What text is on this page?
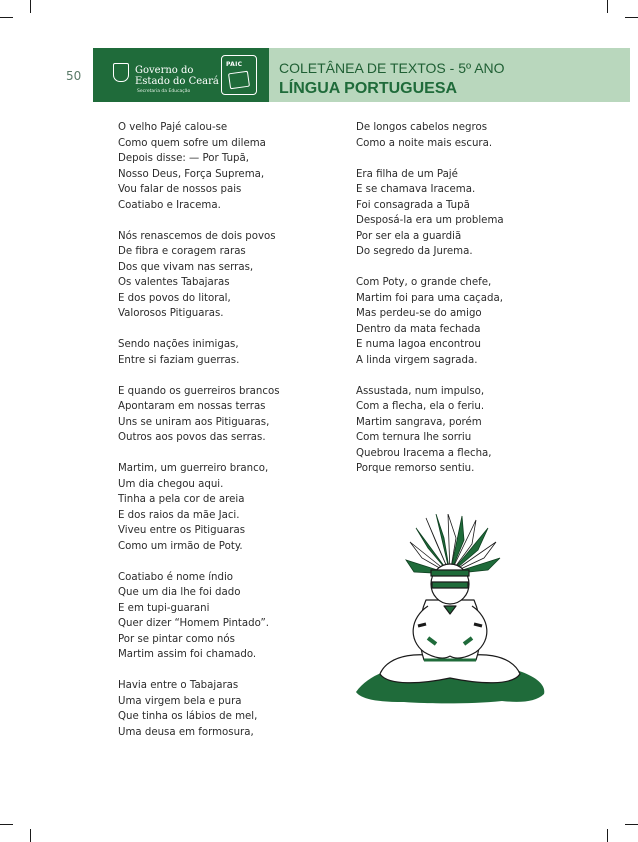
50	Governo do
Estado do Ceará
Secretaria da Educação
PAIC	COLETÂNEA DE TEXTOS - 5º ANO
LÍNGUA PORTUGUESA
O velho Pajé calou-se
Como quem sofre um dilema
Depois disse: — Por Tupã,
Nosso Deus, Força Suprema,
Vou falar de nossos pais
Coatiabo e Iracema.
Nós renascemos de dois povos
De fibra e coragem raras
Dos que vivam nas serras,
Os valentes Tabajaras
E dos povos do litoral,
Valorosos Pitiguaras.
Sendo nações inimigas,
Entre si faziam guerras.
E quando os guerreiros brancos
Apontaram em nossas terras
Uns se uniram aos Pitiguaras,
Outros aos povos das serras.
Martim, um guerreiro branco,
Um dia chegou aqui.
Tinha a pela cor de areia
E dos raios da mãe Jaci.
Viveu entre os Pitiguaras
Como um irmão de Poty.
Coatiabo é nome índio
Que um dia lhe foi dado
E em tupi-guarani
Quer dizer “Homem Pintado”.
Por se pintar como nós
Martim assim foi chamado.
Havia entre o Tabajaras
Uma virgem bela e pura
Que tinha os lábios de mel,
Uma deusa em formosura,
De longos cabelos negros
Como a noite mais escura.
Era filha de um Pajé
E se chamava Iracema.
Foi consagrada a Tupã
Desposá-la era um problema
Por ser ela a guardiã
Do segredo da Jurema.
Com Poty, o grande chefe,
Martim foi para uma caçada,
Mas perdeu-se do amigo
Dentro da mata fechada
E numa lagoa encontrou
A linda virgem sagrada.
Assustada, num impulso,
Com a flecha, ela o feriu.
Martim sangrava, porém
Com ternura lhe sorriu
Quebrou Iracema a flecha,
Porque remorso sentiu.
